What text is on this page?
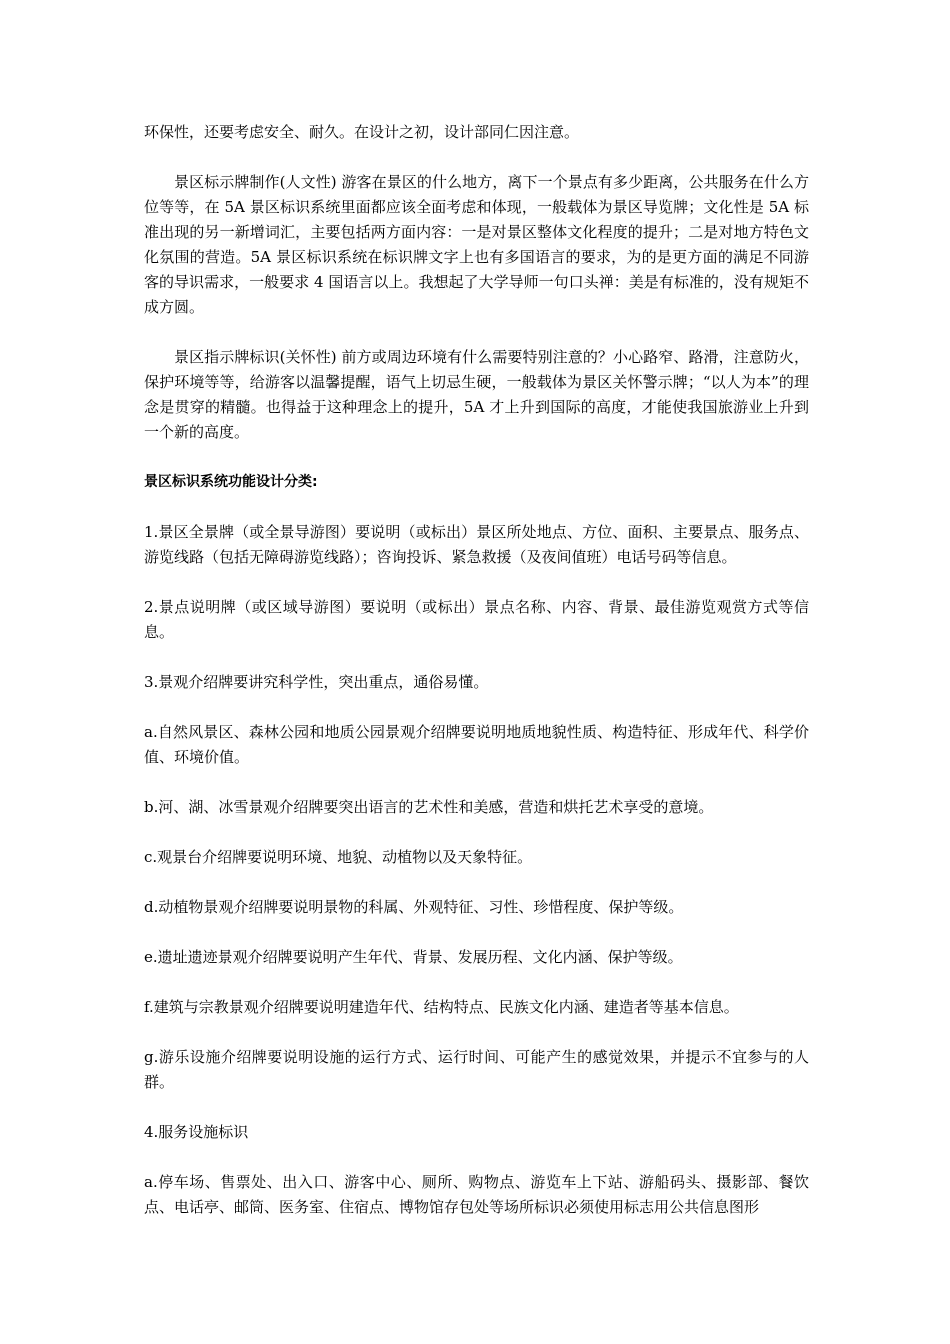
环保性，还要考虑安全、耐久。在设计之初，设计部同仁因注意。

景区标示牌制作(人文性) 游客在景区的什么地方，离下一个景点有多少距离，公共服务在什么方位等等，在 5A 景区标识系统里面都应该全面考虑和体现，一般载体为景区导览牌；文化性是 5A 标准出现的另一新增词汇，主要包括两方面内容：一是对景区整体文化程度的提升；二是对地方特色文化氛围的营造。5A 景区标识系统在标识牌文字上也有多国语言的要求，为的是更方面的满足不同游客的导识需求，一般要求 4 国语言以上。我想起了大学导师一句口头禅：美是有标准的，没有规矩不成方圆。

景区指示牌标识(关怀性) 前方或周边环境有什么需要特别注意的？小心路窄、路滑，注意防火，保护环境等等，给游客以温馨提醒，语气上切忌生硬，一般载体为景区关怀警示牌；“以人为本”的理念是贯穿的精髓。也得益于这种理念上的提升，5A 才上升到国际的高度，才能使我国旅游业上升到一个新的高度。

景区标识系统功能设计分类:

1.景区全景牌（或全景导游图）要说明（或标出）景区所处地点、方位、面积、主要景点、服务点、游览线路（包括无障碍游览线路）；咨询投诉、紧急救援（及夜间值班）电话号码等信息。

2.景点说明牌（或区域导游图）要说明（或标出）景点名称、内容、背景、最佳游览观赏方式等信息。

3.景观介绍牌要讲究科学性，突出重点，通俗易懂。

a.自然风景区、森林公园和地质公园景观介绍牌要说明地质地貌性质、构造特征、形成年代、科学价值、环境价值。

b.河、湖、冰雪景观介绍牌要突出语言的艺术性和美感，营造和烘托艺术享受的意境。

c.观景台介绍牌要说明环境、地貌、动植物以及天象特征。

d.动植物景观介绍牌要说明景物的科属、外观特征、习性、珍惜程度、保护等级。

e.遗址遗迹景观介绍牌要说明产生年代、背景、发展历程、文化内涵、保护等级。

f.建筑与宗教景观介绍牌要说明建造年代、结构特点、民族文化内涵、建造者等基本信息。

g.游乐设施介绍牌要说明设施的运行方式、运行时间、可能产生的感觉效果，并提示不宜参与的人群。

4.服务设施标识

a.停车场、售票处、出入口、游客中心、厕所、购物点、游览车上下站、游船码头、摄影部、餐饮点、电话亭、邮筒、医务室、住宿点、博物馆存包处等场所标识必须使用标志用公共信息图形
